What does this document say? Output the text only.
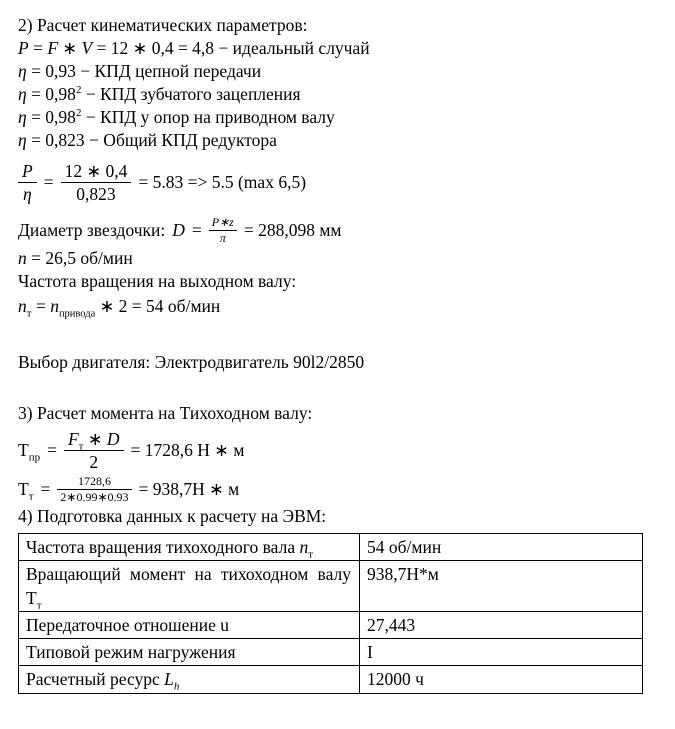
2) Расчет кинематических параметров:

P = F ∗ V = 12 ∗ 0,4 = 4,8 − идеальный случай

η = 0,93 − КПД цепной передачи

$\eta = 0,98^2$ − КПД зубчатого зацепления

$\eta = 0,98^2$ − КПД у опор на приводном валу

η = 0,823 − Общий КПД редуктора

$\frac{P}{\eta} = \frac{12 ∗ 0,4}{0,823} = 5.83 => 5.5$ (max 6,5)
Диаметр звездочки: $D = \frac{P∗z}{\pi} = 288,098$ мм

n = 26,5 об/мин

Частота вращения на выходном валу:

$n_т = n_{привода}$ ∗ 2 = 54 об/мин

Выбор двигателя: Электродвигатель 90l2/2850

3) Расчет момента на Тихоходном валу:

$Т_{пр} = \frac{F_т ∗ D}{2} = 1728,6$ Н ∗ м
$Т_т = \frac{1728,6}{2∗0.99∗0.93} = 938,7Н$ ∗ м

4) Подготовка данных к расчету на ЭВМ:

Частота вращения тихоходного вала $n_т$	54 об/мин
Вращающий момент на тихоходном валу $Т_т$	938,7Н*м
Передаточное отношение u	27,443
Типовой режим нагружения	I
Расчетный ресурс $L_h$	12000 ч
